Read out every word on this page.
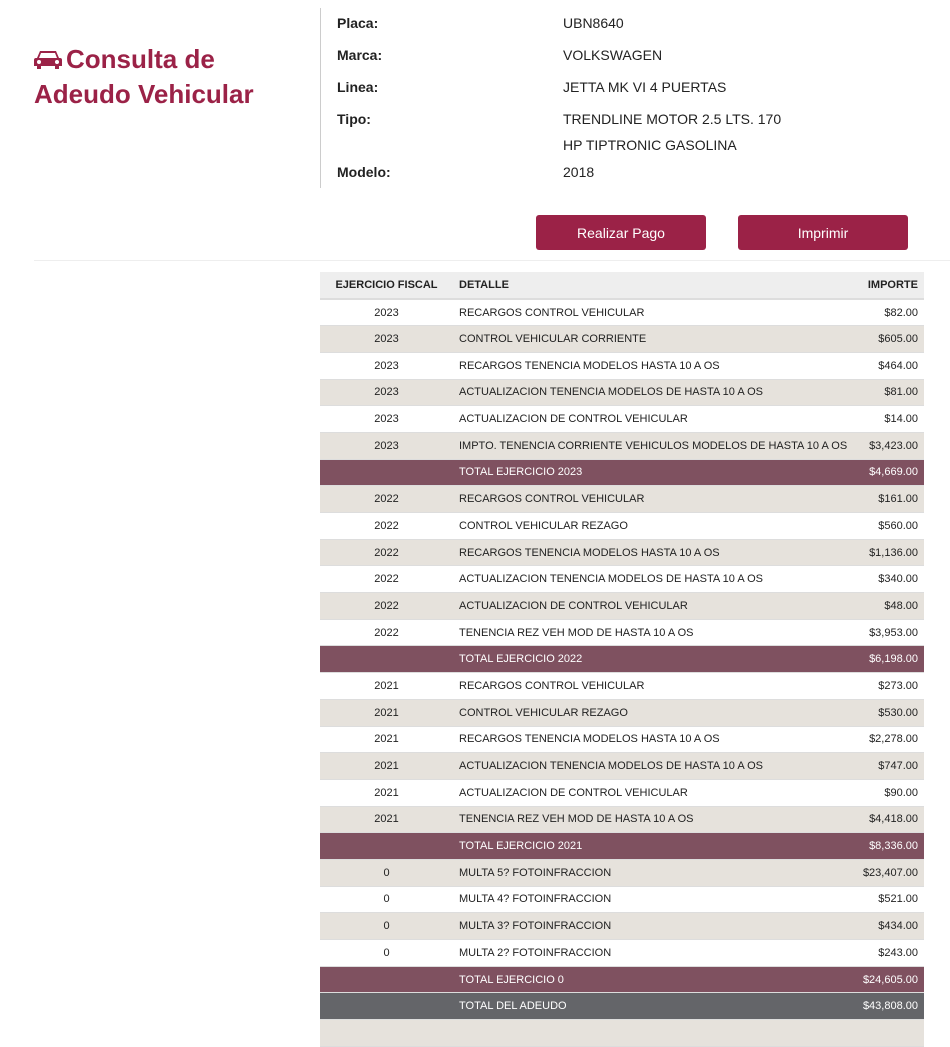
Consulta de Adeudo Vehicular
Placa:	UBN8640
Marca:	VOLKSWAGEN
Linea:	JETTA MK VI 4 PUERTAS
Tipo:	TRENDLINE MOTOR 2.5 LTS. 170 HP TIPTRONIC GASOLINA
Modelo:	2018
Realizar Pago	Imprimir
EJERCICIO FISCAL	DETALLE	IMPORTE
2023	RECARGOS CONTROL VEHICULAR	$82.00
2023	CONTROL VEHICULAR CORRIENTE	$605.00
2023	RECARGOS TENENCIA MODELOS HASTA 10 A OS	$464.00
2023	ACTUALIZACION TENENCIA MODELOS DE HASTA 10 A OS	$81.00
2023	ACTUALIZACION DE CONTROL VEHICULAR	$14.00
2023	IMPTO. TENENCIA CORRIENTE VEHICULOS MODELOS DE HASTA 10 A OS	$3,423.00
	TOTAL EJERCICIO 2023	$4,669.00
2022	RECARGOS CONTROL VEHICULAR	$161.00
2022	CONTROL VEHICULAR REZAGO	$560.00
2022	RECARGOS TENENCIA MODELOS HASTA 10 A OS	$1,136.00
2022	ACTUALIZACION TENENCIA MODELOS DE HASTA 10 A OS	$340.00
2022	ACTUALIZACION DE CONTROL VEHICULAR	$48.00
2022	TENENCIA REZ VEH MOD DE HASTA 10 A OS	$3,953.00
	TOTAL EJERCICIO 2022	$6,198.00
2021	RECARGOS CONTROL VEHICULAR	$273.00
2021	CONTROL VEHICULAR REZAGO	$530.00
2021	RECARGOS TENENCIA MODELOS HASTA 10 A OS	$2,278.00
2021	ACTUALIZACION TENENCIA MODELOS DE HASTA 10 A OS	$747.00
2021	ACTUALIZACION DE CONTROL VEHICULAR	$90.00
2021	TENENCIA REZ VEH MOD DE HASTA 10 A OS	$4,418.00
	TOTAL EJERCICIO 2021	$8,336.00
0	MULTA 5? FOTOINFRACCION	$23,407.00
0	MULTA 4? FOTOINFRACCION	$521.00
0	MULTA 3? FOTOINFRACCION	$434.00
0	MULTA 2? FOTOINFRACCION	$243.00
	TOTAL EJERCICIO 0	$24,605.00
	TOTAL DEL ADEUDO	$43,808.00
